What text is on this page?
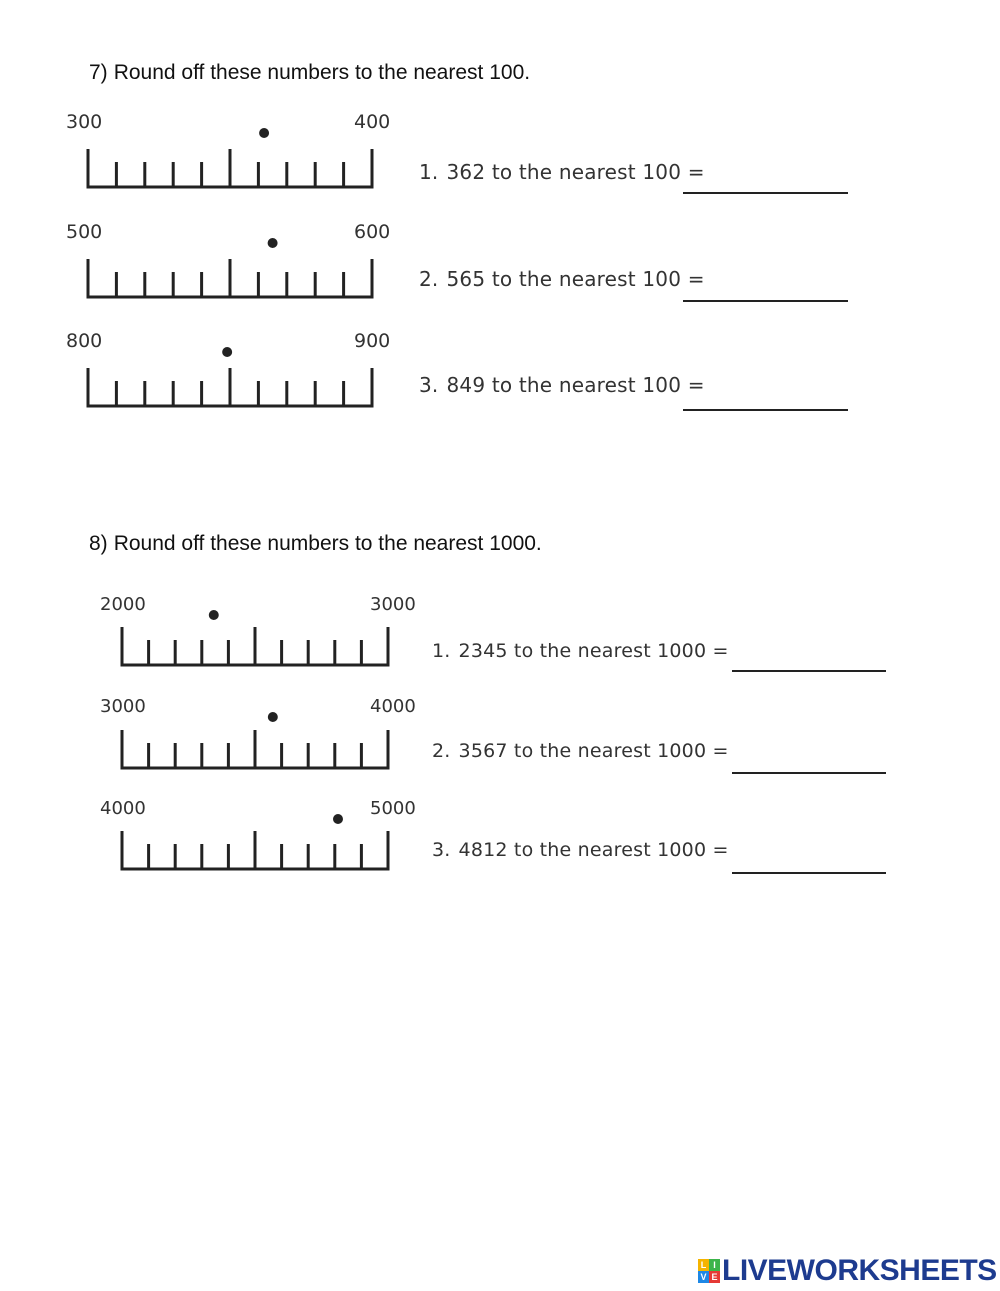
7) Round off these numbers to the nearest 100.
8) Round off these numbers to the nearest 1000.
1. 362 to the nearest 100 =
2. 565 to the nearest 100 =
3. 849 to the nearest 100 =
1. 2345 to the nearest 1000 =
2. 3567 to the nearest 1000 =
3. 4812 to the nearest 1000 =
300	400
500	600
800	900
2000	3000
3000	4000
4000	5000
L I
V E LIVEWORKSHEETS
